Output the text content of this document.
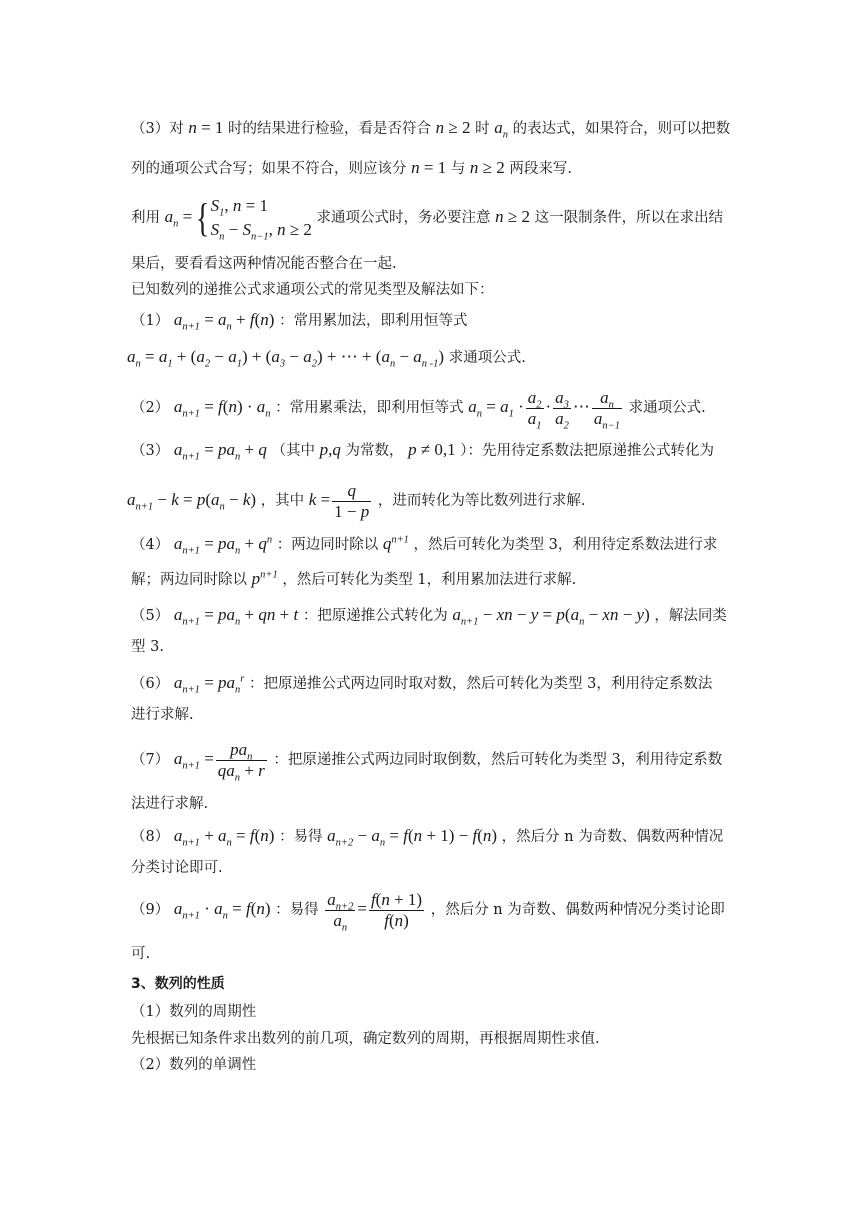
（3）对 n = 1 时的结果进行检验，看是否符合 n ≥ 2 时 $a_n$ 的表达式，如果符合，则可以把数
列的通项公式合写；如果不符合，则应该分 n = 1 与 n ≥ 2 两段来写.
利用 $a_n$ = { $S_1$, n = 1
$S_n - S_{n-1}$, n ≥ 2
求通项公式时，务必要注意 n ≥ 2 这一限制条件，所以在求出结
果后，要看看这两种情况能否整合在一起.
已知数列的递推公式求通项公式的常见类型及解法如下：
（1） $a_{n+1} = a_n + f(n)$ ：常用累加法，即利用恒等式
$a_n = a_1 + (a_2 - a_1) + (a_3 - a_2)$ + ⋯ + $(a_n - a_{n -1})$ 求通项公式.
（2） $a_{n+1} = f(n) \cdot a_n$ ：常用累乘法，即利用恒等式 $a_n = a_1 \cdot \frac{a_2}{a_1} \cdot \frac{a_3}{a_2}$ ⋯ $\frac{a_n}{a_{n-1}}$ 求通项公式.
（3） $a_{n+1} = pa_n + q$ （其中 p,q 为常数， p ≠ 0,1 ）：先用待定系数法把原递推公式转化为
$a_{n+1} - k = p(a_n - k)$ ，其中 $k = \frac{q}{1 - p}$ ，进而转化为等比数列进行求解.
（4） $a_{n+1} = pa_n + q^n$ ：两边同时除以 $q^{n+1}$ ，然后可转化为类型 3，利用待定系数法进行求
解；两边同时除以 $p^{n+1}$ ，然后可转化为类型 1，利用累加法进行求解.
（5） $a_{n+1} = pa_n$ + qn + t ：把原递推公式转化为 $a_{n+1}$ − xn − $y = p(a_n$ − xn − y) ，解法同类
型 3.
（6） $a_{n+1} = pa_n^r$ ：把原递推公式两边同时取对数，然后可转化为类型 3，利用待定系数法
进行求解.
（7） $a_{n+1} = \frac{pa_n}{qa_n + r}$ ：把原递推公式两边同时取倒数，然后可转化为类型 3，利用待定系数
法进行求解.
（8） $a_{n+1} + a_n = f(n)$ ：易得 $a_{n+2} - a_n = f(n + 1) - f(n)$ ，然后分 n 为奇数、偶数两种情况
分类讨论即可.
（9） $a_{n+1} \cdot a_n = f(n)$ ：易得 $\frac{a_{n+2}}{a_n} = \frac{f(n + 1)}{f(n)}$ ，然后分 n 为奇数、偶数两种情况分类讨论即
可.
3、数列的性质
（1）数列的周期性
先根据已知条件求出数列的前几项，确定数列的周期，再根据周期性求值.
（2）数列的单调性
